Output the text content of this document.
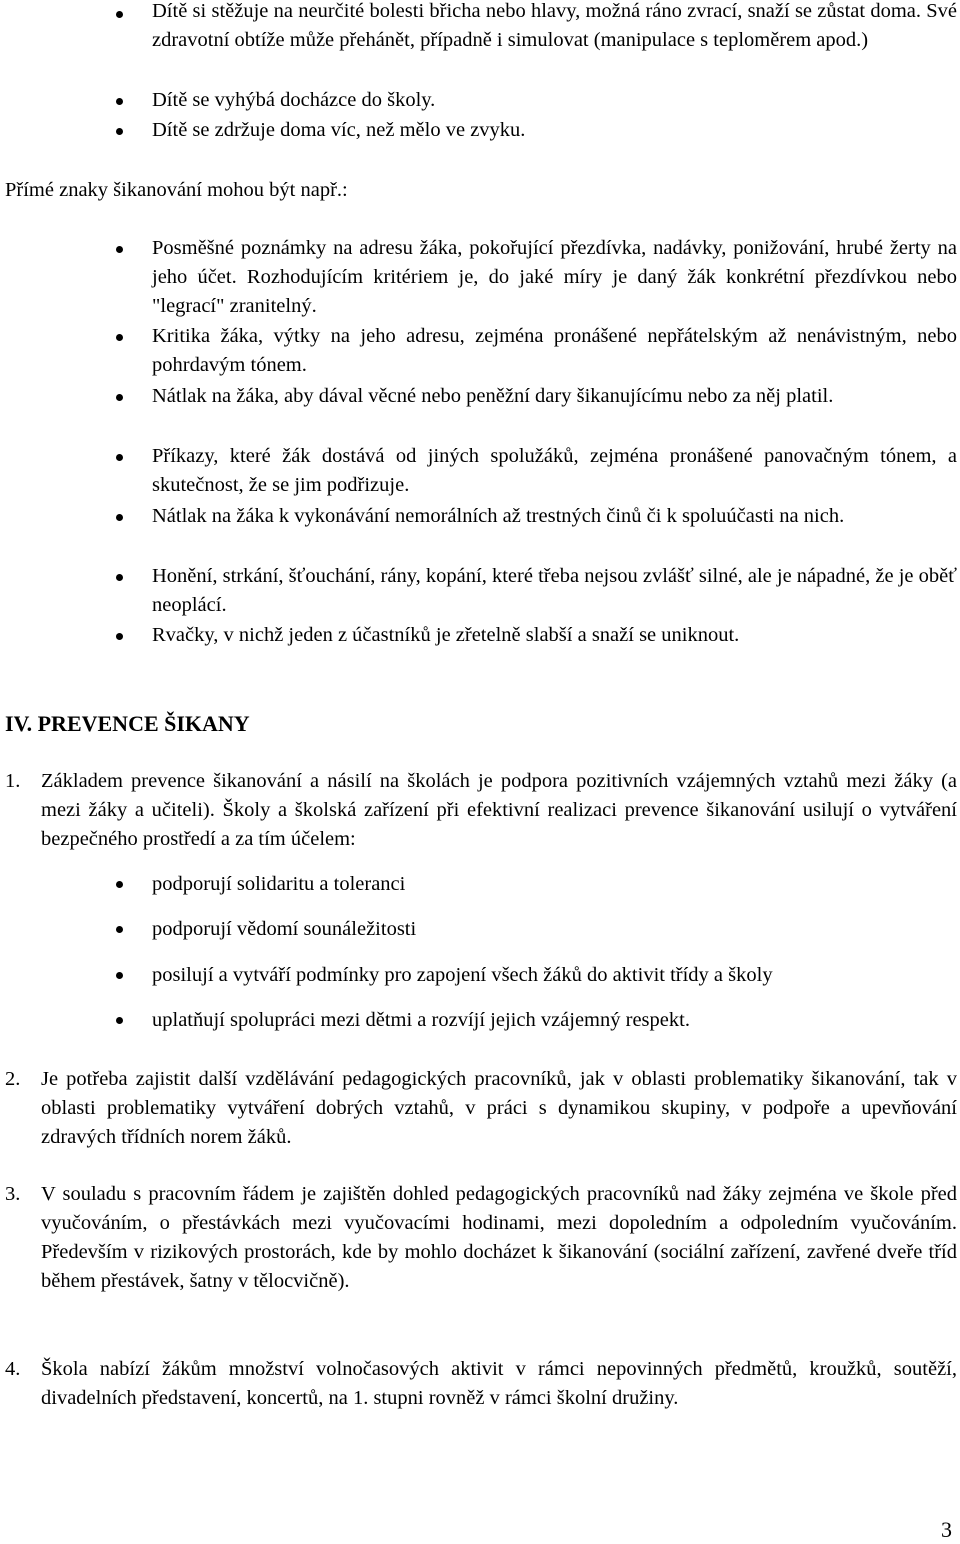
Dítě si stěžuje na neurčité bolesti břicha nebo hlavy, možná ráno zvrací, snaží se zůstat doma. Své zdravotní obtíže může přehánět, případně i simulovat (manipulace s teploměrem apod.)
Dítě se vyhýbá docházce do školy.
Dítě se zdržuje doma víc, než mělo ve zvyku.
Přímé znaky šikanování mohou být např.:
Posměšné poznámky na adresu žáka, pokořující přezdívka, nadávky, ponižování, hrubé žerty na jeho účet. Rozhodujícím kritériem je, do jaké míry je daný žák konkrétní přezdívkou nebo "legrací" zranitelný.
Kritika žáka, výtky na jeho adresu, zejména pronášené nepřátelským až nenávistným, nebo pohrdavým tónem.
Nátlak na žáka, aby dával věcné nebo peněžní dary šikanujícímu nebo za něj platil.
Příkazy, které žák dostává od jiných spolužáků, zejména pronášené panovačným tónem, a skutečnost, že se jim podřizuje.
Nátlak na žáka k vykonávání nemorálních až trestných činů či k spoluúčasti na nich.
Honění, strkání, šťouchání, rány, kopání, které třeba nejsou zvlášť silné, ale je nápadné, že je oběť neoplácí.
Rvačky, v nichž jeden z účastníků je zřetelně slabší a snaží se uniknout.
IV. PREVENCE ŠIKANY
1. Základem prevence šikanování a násilí na školách je podpora pozitivních vzájemných vztahů mezi žáky (a mezi žáky a učiteli). Školy a školská zařízení při efektivní realizaci prevence šikanování usilují o vytváření bezpečného prostředí a za tím účelem:
podporují solidaritu a toleranci
podporují vědomí sounáležitosti
posilují a vytváří podmínky pro zapojení všech žáků do aktivit třídy a školy
uplatňují spolupráci mezi dětmi a rozvíjí jejich vzájemný respekt.
2. Je potřeba zajistit další vzdělávání pedagogických pracovníků, jak v oblasti problematiky šikanování, tak v oblasti problematiky vytváření dobrých vztahů, v práci s dynamikou skupiny, v podpoře a upevňování zdravých třídních norem žáků.
3. V souladu s pracovním řádem je zajištěn dohled pedagogických pracovníků nad žáky zejména ve škole před vyučováním, o přestávkách mezi vyučovacími hodinami, mezi dopoledním a odpoledním vyučováním. Především v rizikových prostorách, kde by mohlo docházet k šikanování (sociální zařízení, zavřené dveře tříd během přestávek, šatny v tělocvičně).
4. Škola nabízí žákům množství volnočasových aktivit v rámci nepovinných předmětů, kroužků, soutěží, divadelních představení, koncertů, na 1. stupni rovněž v rámci školní družiny.
3
